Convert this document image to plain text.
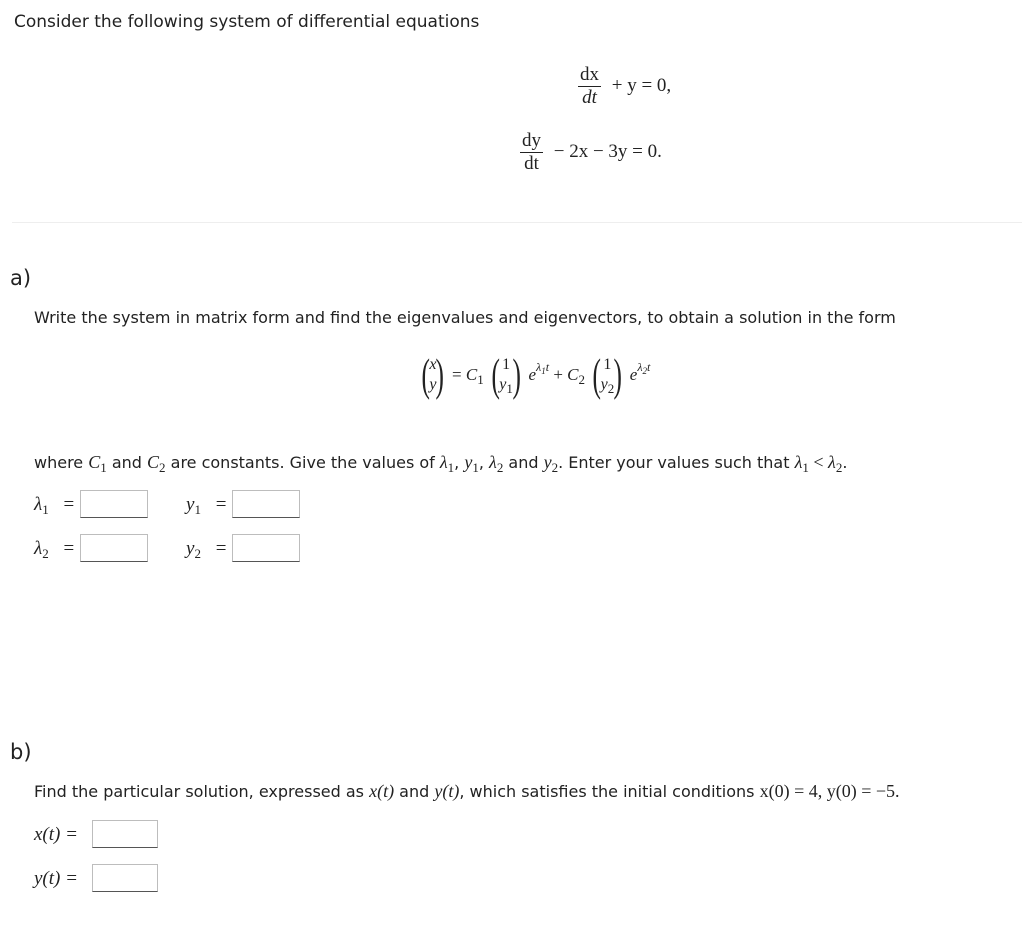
Consider the following system of differential equations
$\frac{dx}{dt} + y = 0$,
$\frac{dy}{dt} - 2x - 3y = 0$.
a)
Write the system in matrix form and find the eigenvalues and eigenvectors, to obtain a solution in the form
(x
$y) = C_1$ ( 1
$y_1$) $e^{\lambda_1t} + C_2$ ( 1
$y_2$) $e^{\lambda_2t}$
where $C_1$ and $C_2$ are constants. Give the values of $\lambda_1$, $y_1$, $\lambda_2$ and $y_2$. Enter your values such that $\lambda_1 < \lambda_2$.
$\lambda_1$ =	$y_1$ =
$\lambda_2$ =	$y_2$ =
b)
Find the particular solution, expressed as x(t) and y(t), which satisfies the initial conditions x(0) = 4, y(0) = −5.
x(t) =
y(t) =
